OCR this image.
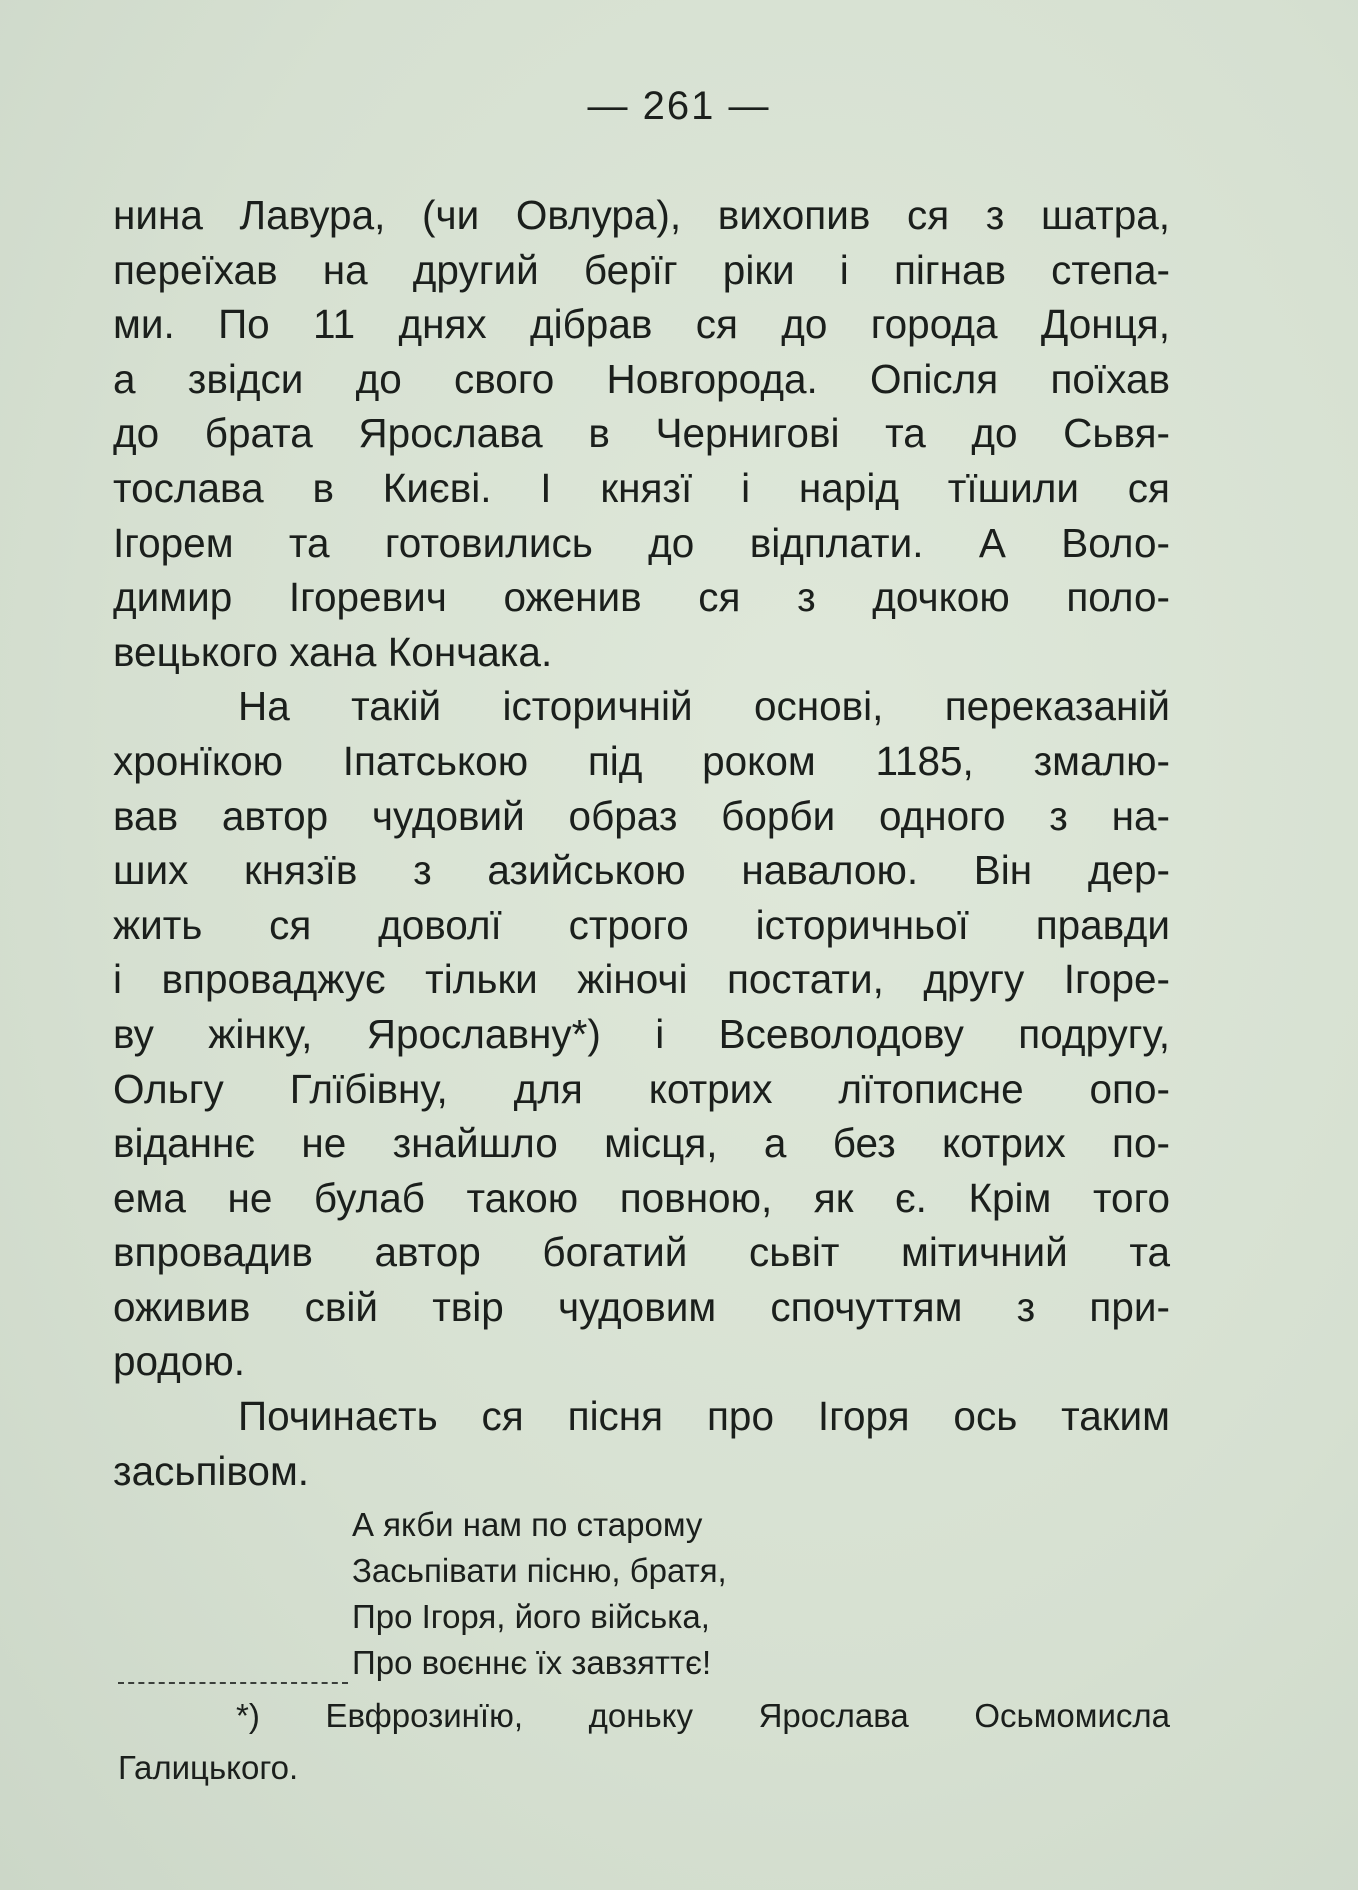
— 261 —
нина Лавура, (чи Овлура), вихопив ся з шатра,
переїхав на другий берїг ріки і пігнав степа-
ми. По 11 днях дібрав ся до города Донця,
а звідси до свого Новгорода. Опісля поїхав
до брата Ярослава в Чернигові та до Сьвя-
тослава в Києві. І князї і нарід тїшили ся
Ігорем та готовились до відплати. А Воло-
димир Ігоревич оженив ся з дочкою поло-
вецького хана Кончака.
На такій історичній основі, переказаній
хронїкою Іпатською під роком 1185, змалю-
вав автор чудовий образ борби одного з на-
ших князїв з азийською навалою. Він дер-
жить ся доволї строго історичньої правди
і впроваджує тільки жіночі постати, другу Ігоре-
ву жінку, Ярославну*) і Всеволодову подругу,
Ольгу Глїбівну, для котрих лїтописне опо-
віданнє не знайшло місця, а без котрих по-
ема не булаб такою повною, як є. Крім того
впровадив автор богатий сьвіт мітичний та
оживив свій твір чудовим спочуттям з при-
родою.
Починаєть ся пісня про Ігоря ось таким
засьпівом.
А якби нам по старому
Засьпівати пісню, братя,
Про Ігоря, його війська,
Про воєннє їх завзяттє!
*) Евфрозинїю, доньку Ярослава Осьмомисла
Галицького.
